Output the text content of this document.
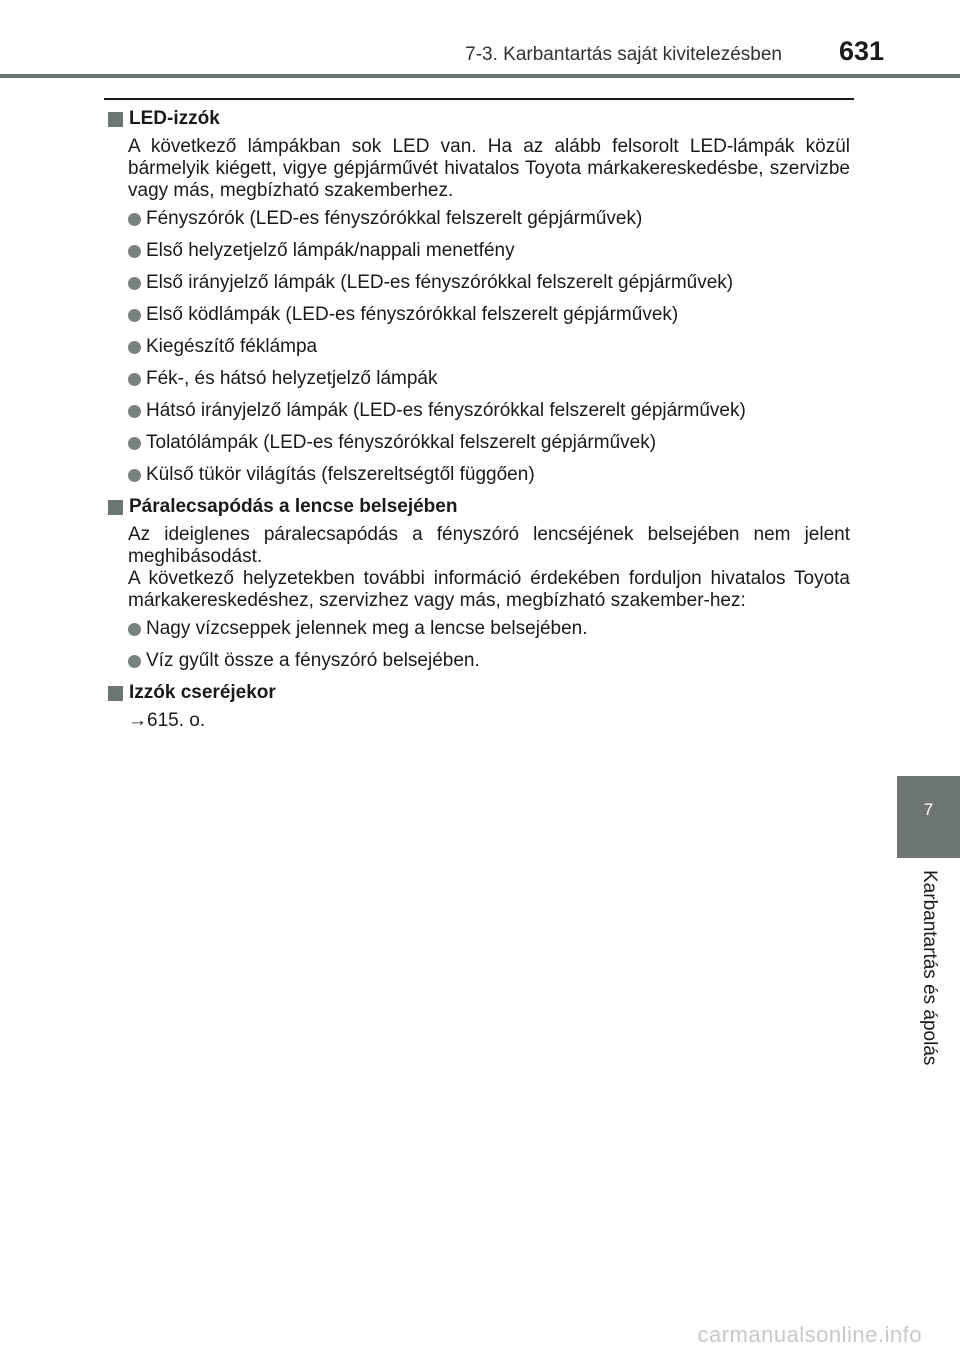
7-3. Karbantartás saját kivitelezésben 631
LED-izzók

A következő lámpákban sok LED van. Ha az alább felsorolt LED-lámpák közül bármelyik kiégett, vigye gépjárművét hivatalos Toyota márkakereskedésbe, szervizbe vagy más, megbízható szakemberhez.

Fényszórók (LED-es fényszórókkal felszerelt gépjárművek)
Első helyzetjelző lámpák/nappali menetfény
Első irányjelző lámpák (LED-es fényszórókkal felszerelt gépjárművek)
Első ködlámpák (LED-es fényszórókkal felszerelt gépjárművek)
Kiegészítő féklámpa
Fék-, és hátsó helyzetjelző lámpák
Hátsó irányjelző lámpák (LED-es fényszórókkal felszerelt gépjárművek)
Tolatólámpák (LED-es fényszórókkal felszerelt gépjárművek)
Külső tükör világítás (felszereltségtől függően)
Páralecsapódás a lencse belsejében

Az ideiglenes páralecsapódás a fényszóró lencséjének belsejében nem jelent meghibásodást.

A következő helyzetekben további információ érdekében forduljon hivatalos Toyota márkakereskedéshez, szervizhez vagy más, megbízható szakember-hez:

Nagy vízcseppek jelennek meg a lencse belsejében.
Víz gyűlt össze a fényszóró belsejében.
Izzók cseréjekor
→615. o.
7
Karbantartás és ápolás
carmanualsonline.info
